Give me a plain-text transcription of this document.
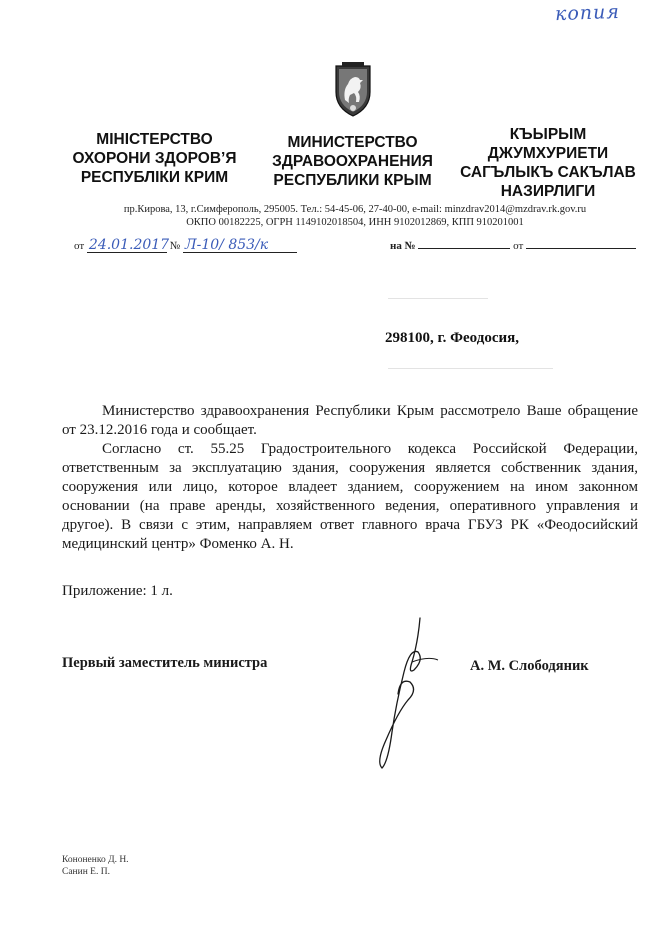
копия
МІНІСТЕРСТВО
ОХОРОНИ ЗДОРОВ’Я
РЕСПУБЛІКИ КРИМ
МИНИСТЕРСТВО
ЗДРАВООХРАНЕНИЯ
РЕСПУБЛИКИ КРЫМ
КЪЫРЫМ
ДЖУМХУРИЕТИ
САГЪЛЫКЪ САКЪЛАВ
НАЗИРЛИГИ
пр.Кирова, 13, г.Симферополь, 295005. Тел.: 54-45-06, 27-40-00, e-mail: minzdrav2014@mzdrav.rk.gov.ru
ОКПО 00182225, ОГРН 1149102018504, ИНН 9102012869, КПП 910201001
от 24.01.2017 № Л-10/ 853/к	на №	от
298100, г. Феодосия,

Министерство здравоохранения Республики Крым рассмотрело Ваше обращение от 23.12.2016 года и сообщает.

Согласно ст. 55.25 Градостроительного кодекса Российской Федерации, ответственным за эксплуатацию здания, сооружения является собственник здания, сооружения или лицо, которое владеет зданием, сооружением на ином законном основании (на праве аренды, хозяйственного ведения, оперативного управления и другое). В связи с этим, направляем ответ главного врача ГБУЗ РК «Феодосийский медицинский центр» Фоменко А. Н.

Приложение: 1 л.
Первый заместитель министра	А. М. Слободяник
Кононенко Д. Н.
Санин Е. П.
